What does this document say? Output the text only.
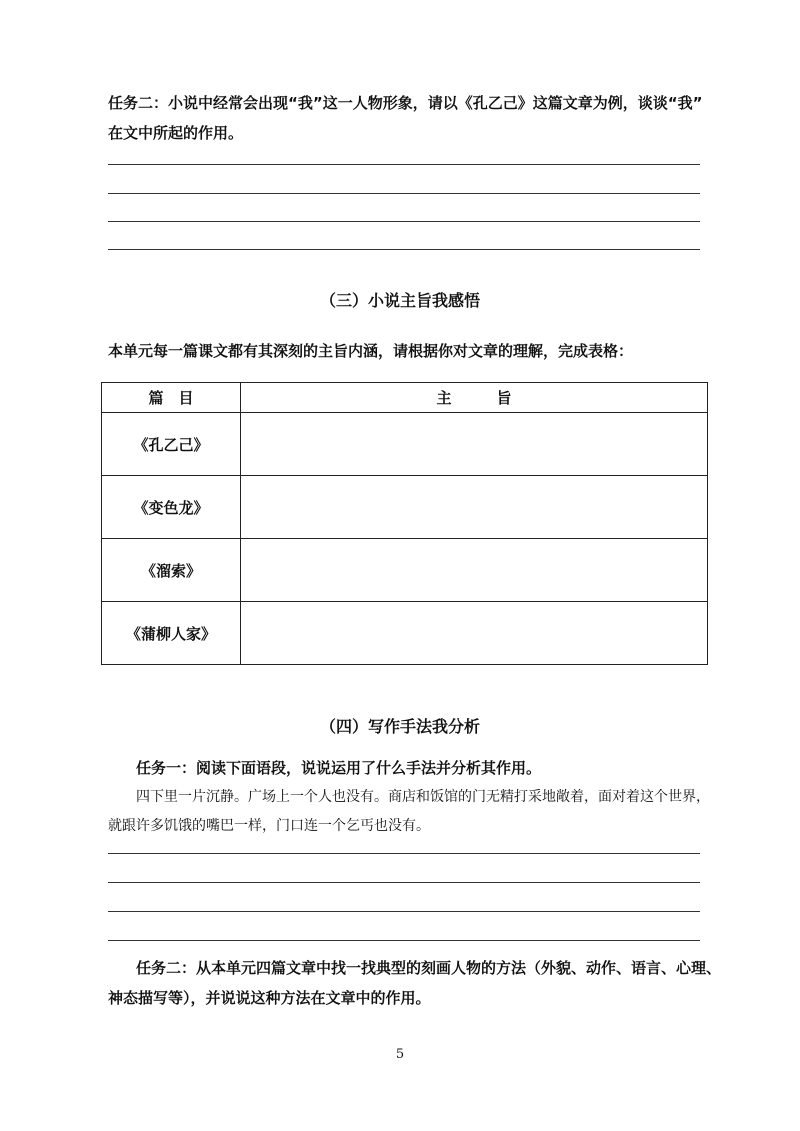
任务二：小说中经常会出现“我”这一人物形象，请以《孔乙己》这篇文章为例，谈谈“我”
在文中所起的作用。
（三）小说主旨我感悟
本单元每一篇课文都有其深刻的主旨内涵，请根据你对文章的理解，完成表格：
篇　目	主　　　旨
《孔乙己》	
《变色龙》	
《溜索》	
《蒲柳人家》	
（四）写作手法我分析
任务一：阅读下面语段，说说运用了什么手法并分析其作用。
四下里一片沉静。广场上一个人也没有。商店和饭馆的门无精打采地敞着，面对着这个世界，
就跟许多饥饿的嘴巴一样，门口连一个乞丐也没有。
任务二：从本单元四篇文章中找一找典型的刻画人物的方法（外貌、动作、语言、心理、
神态描写等），并说说这种方法在文章中的作用。
5
